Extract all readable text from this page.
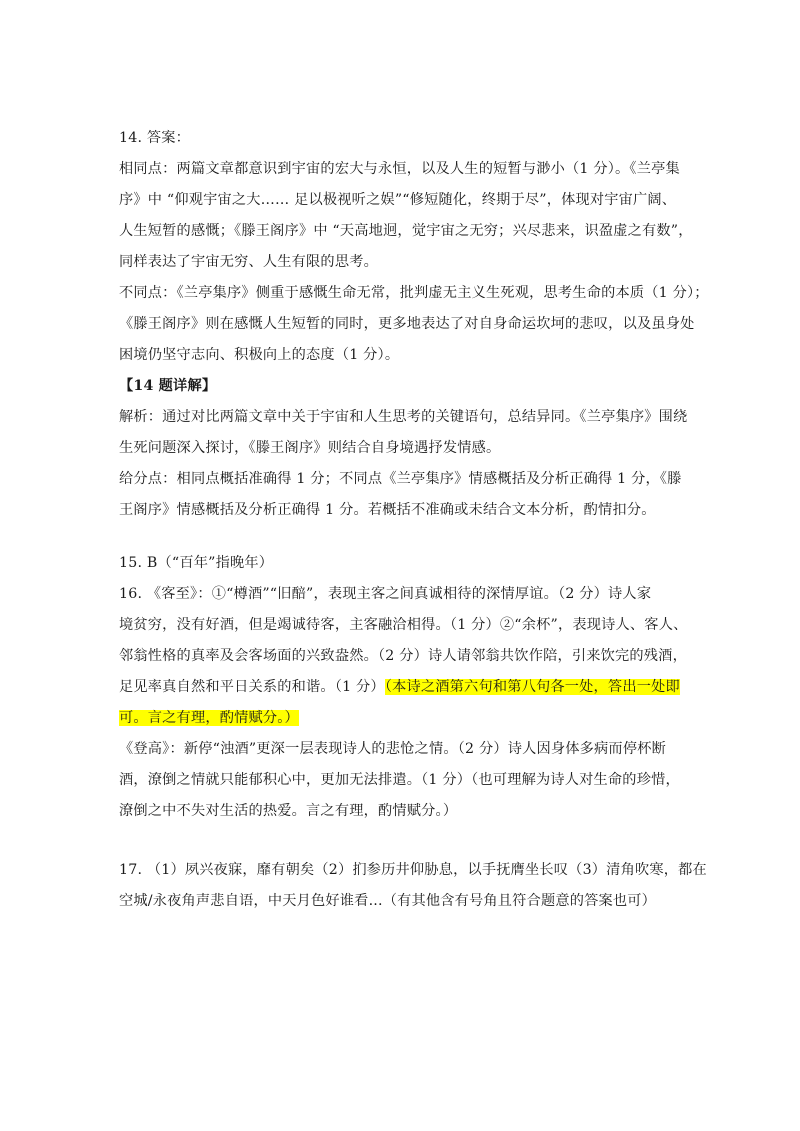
14. 答案：
相同点：两篇文章都意识到宇宙的宏大与永恒，以及人生的短暂与渺小（1 分）。《兰亭集
序》中 “仰观宇宙之大…… 足以极视听之娱”“修短随化，终期于尽”，体现对宇宙广阔、
人生短暂的感慨；《滕王阁序》中 “天高地迥，觉宇宙之无穷；兴尽悲来，识盈虚之有数”，
同样表达了宇宙无穷、人生有限的思考。
不同点：《兰亭集序》侧重于感慨生命无常，批判虚无主义生死观，思考生命的本质（1 分）；
《滕王阁序》则在感慨人生短暂的同时，更多地表达了对自身命运坎坷的悲叹，以及虽身处
困境仍坚守志向、积极向上的态度（1 分）。
【14 题详解】
解析：通过对比两篇文章中关于宇宙和人生思考的关键语句，总结异同。《兰亭集序》围绕
生死问题深入探讨，《滕王阁序》则结合自身境遇抒发情感。
给分点：相同点概括准确得 1 分；不同点《兰亭集序》情感概括及分析正确得 1 分，《滕
王阁序》情感概括及分析正确得 1 分。若概括不准确或未结合文本分析，酌情扣分。
15. B（“百年”指晚年）
16. 《客至》：①“樽酒”“旧醅”，表现主客之间真诚相待的深情厚谊。（2 分）诗人家
境贫穷，没有好酒，但是竭诚待客，主客融洽相得。（1 分）②“余杯”，表现诗人、客人、
邻翁性格的真率及会客场面的兴致盎然。（2 分）诗人请邻翁共饮作陪，引来饮完的残酒，
足见率真自然和平日关系的和谐。（1 分）（本诗之酒第六句和第八句各一处，答出一处即
可。言之有理，酌情赋分。）
《登高》：新停“浊酒”更深一层表现诗人的悲怆之情。（2 分）诗人因身体多病而停杯断
酒，潦倒之情就只能郁积心中，更加无法排遣。（1 分）（也可理解为诗人对生命的珍惜，
潦倒之中不失对生活的热爱。言之有理，酌情赋分。）
17. （1）夙兴夜寐，靡有朝矣（2）扪参历井仰胁息，以手抚膺坐长叹（3）清角吹寒，都在
空城/永夜角声悲自语，中天月色好谁看...（有其他含有号角且符合题意的答案也可）
